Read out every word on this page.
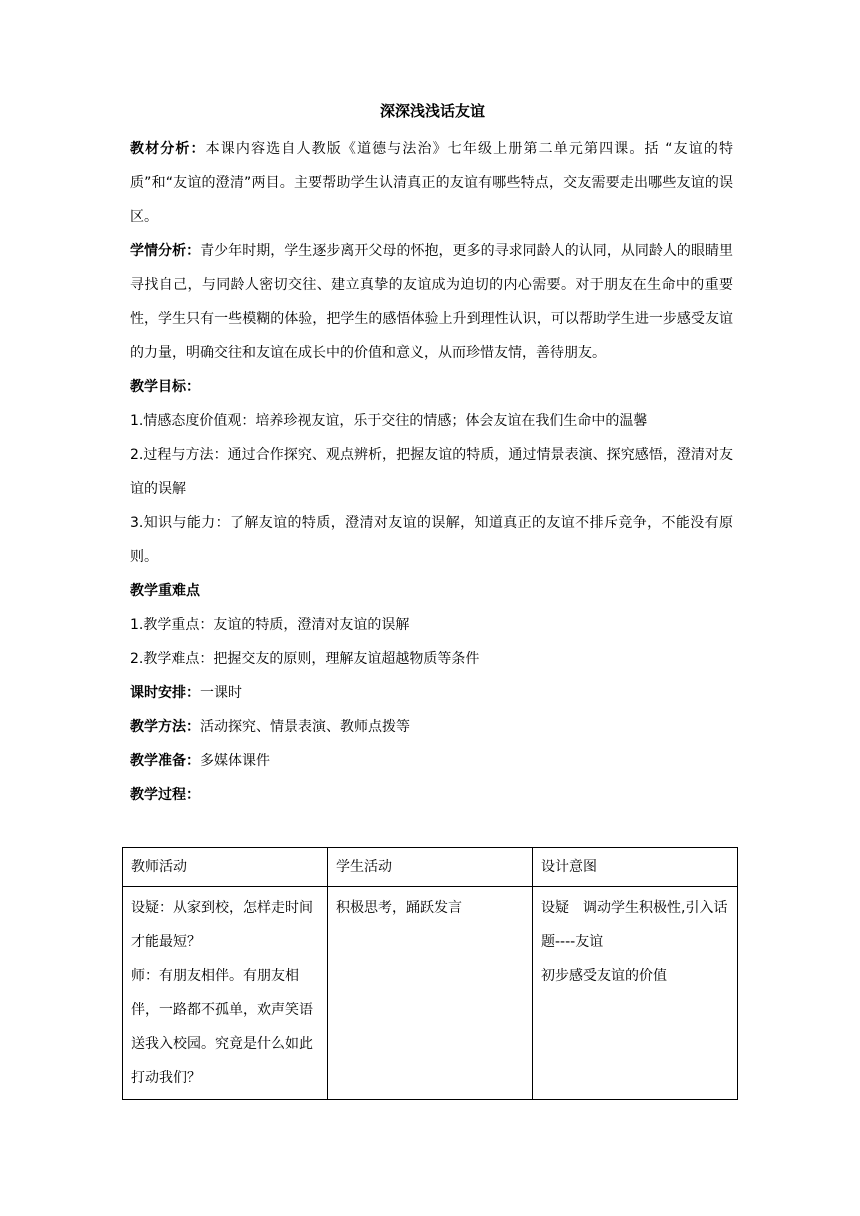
深深浅浅话友谊

教材分析：本课内容选自人教版《道德与法治》七年级上册第二单元第四课。括 “友谊的特质”和“友谊的澄清”两目。主要帮助学生认清真正的友谊有哪些特点，交友需要走出哪些友谊的误区。

学情分析：青少年时期，学生逐步离开父母的怀抱，更多的寻求同龄人的认同，从同龄人的眼睛里寻找自己，与同龄人密切交往、建立真挚的友谊成为迫切的内心需要。对于朋友在生命中的重要性，学生只有一些模糊的体验，把学生的感悟体验上升到理性认识，可以帮助学生进一步感受友谊的力量，明确交往和友谊在成长中的价值和意义，从而珍惜友情，善待朋友。

教学目标：

1.情感态度价值观：培养珍视友谊，乐于交往的情感；体会友谊在我们生命中的温馨

2.过程与方法：通过合作探究、观点辨析，把握友谊的特质，通过情景表演、探究感悟，澄清对友谊的误解

3.知识与能力：了解友谊的特质，澄清对友谊的误解，知道真正的友谊不排斥竞争，不能没有原则。

教学重难点

1.教学重点：友谊的特质，澄清对友谊的误解

2.教学难点：把握交友的原则，理解友谊超越物质等条件

课时安排：一课时

教学方法：活动探究、情景表演、教师点拨等

教学准备：多媒体课件

教学过程：

教师活动	学生活动	设计意图

设疑：从家到校，怎样走时间才能最短？
师：有朋友相伴。有朋友相伴，一路都不孤单，欢声笑语送我入校园。究竟是什么如此打动我们？	积极思考，踊跃发言	设疑　调动学生积极性,引入话题----友谊
初步感受友谊的价值
